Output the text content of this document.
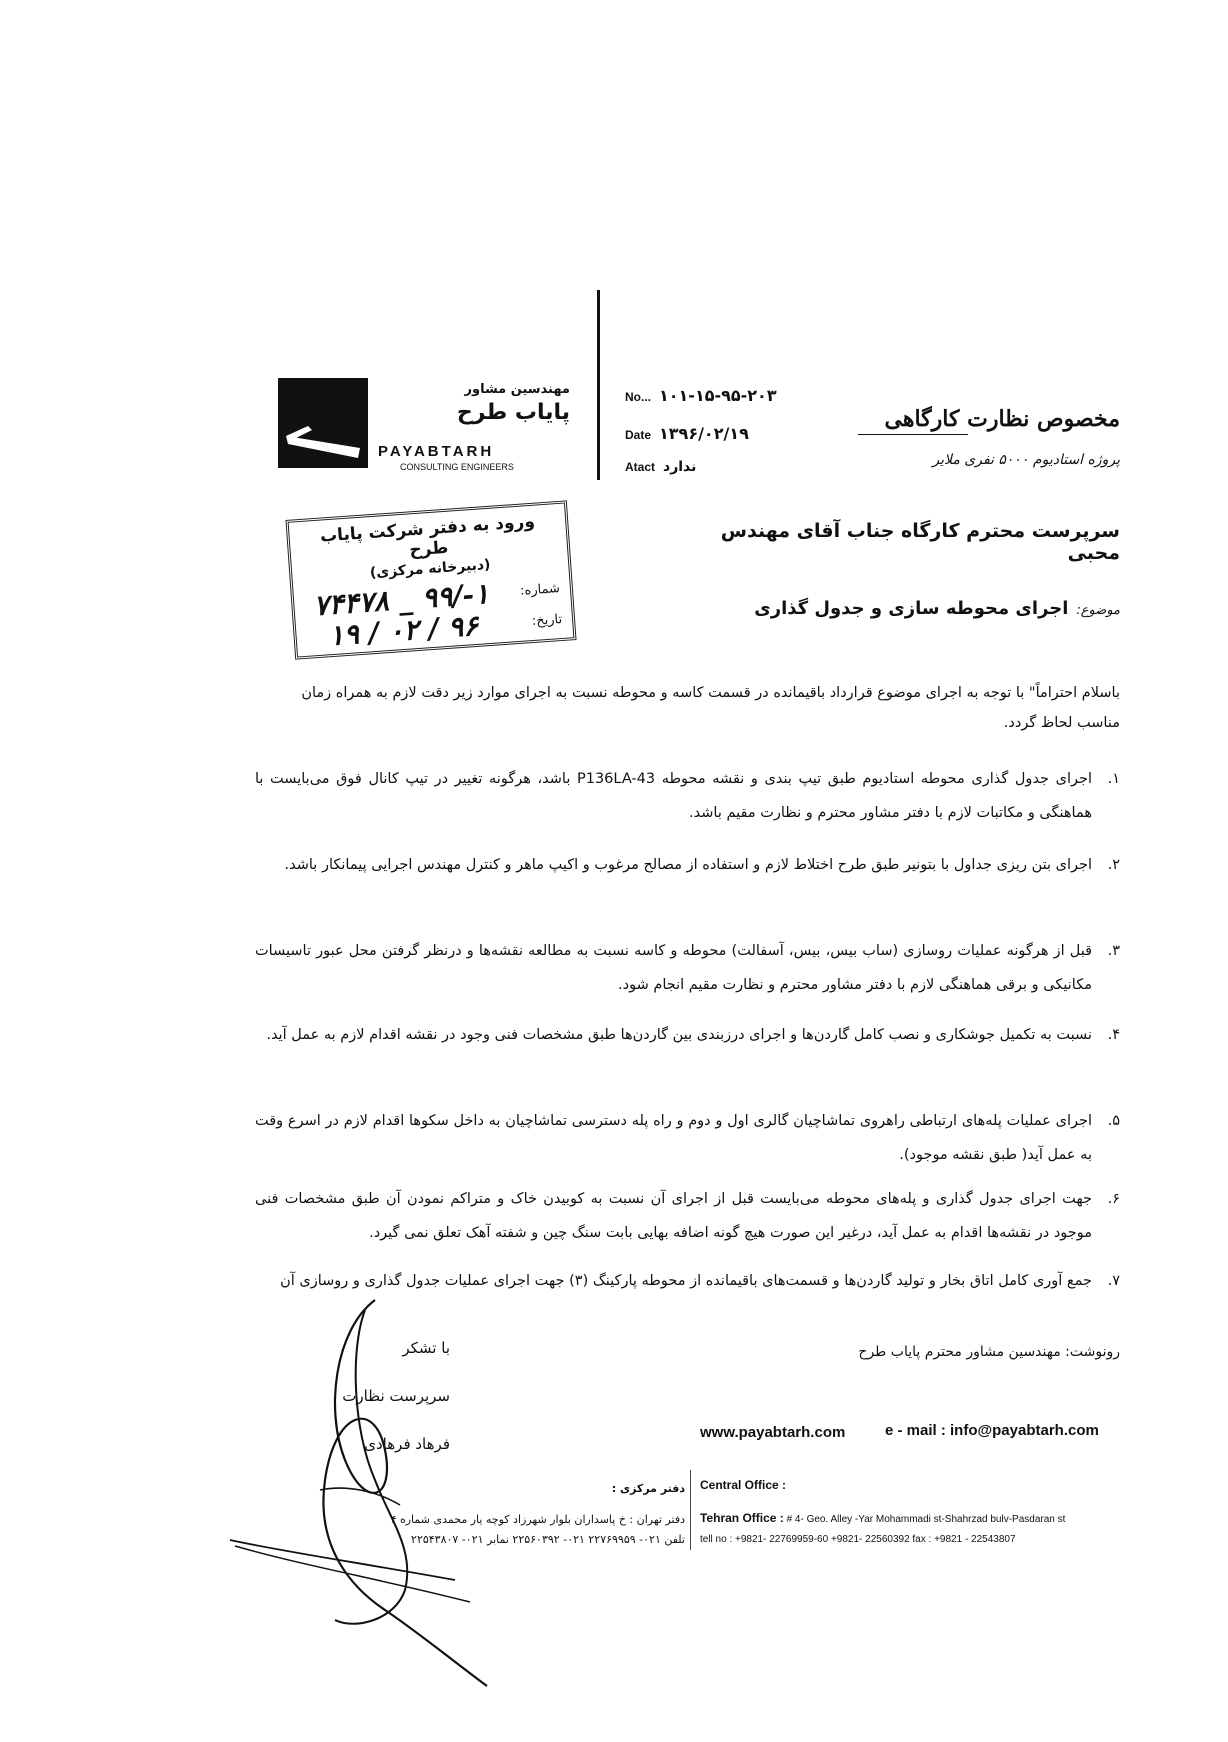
مهندسین مشاور
پایاب طرح
PAYABTARH
CONSULTING ENGINEERS
No... ۱۰۱-۱۵-۹۵-۲۰۳
Date ۱۳۹۶/۰۲/۱۹
Atact ندارد
مخصوص نظارت کارگاهی
پروژه استادیوم ۵۰۰۰ نفری ملایر
ورود به دفتر شرکت پایاب طرح
(دبیرخانه مرکزی)
شماره:
۱-/۹۹ _ ۷۴۴۷۸
تاریخ:
۹۶ / ۰۲ / ۱۹
سرپرست محترم کارگاه جناب آقای مهندس محبی
موضوع:اجرای محوطه سازی و جدول گذاری
باسلام احتراماً" با توجه به اجرای موضوع قرارداد باقیمانده در قسمت کاسه و محوطه نسبت به اجرای موارد زیر دقت لازم به همراه زمان مناسب لحاظ گردد.
۱.
اجرای جدول گذاری محوطه استادیوم طبق تیپ بندی و نقشه محوطه P136LA-43 باشد، هرگونه تغییر در تیپ کانال فوق می‌بایست با هماهنگی و مکاتبات لازم با دفتر مشاور محترم و نظارت مقیم باشد.
۲.
اجرای بتن ریزی جداول با بتونیر طبق طرح اختلاط لازم و استفاده از مصالح مرغوب و اکیپ ماهر و کنترل مهندس اجرایی پیمانکار باشد.
۳.
قبل از هرگونه عملیات روسازی (ساب بیس، بیس، آسفالت) محوطه و کاسه نسبت به مطالعه نقشه‌ها و درنظر گرفتن محل عبور تاسیسات مکانیکی و برقی هماهنگی لازم با دفتر مشاور محترم و نظارت مقیم انجام شود.
۴.
نسبت به تکمیل جوشکاری و نصب کامل گاردن‌ها و اجرای درزبندی بین گاردن‌ها طبق مشخصات فنی وجود در نقشه اقدام لازم به عمل آید.
۵.
اجرای عملیات پله‌های ارتباطی راهروی تماشاچیان گالری اول و دوم و راه پله دسترسی تماشاچیان به داخل سکوها اقدام لازم در اسرع وقت به عمل آید( طبق نقشه موجود).
۶.
جهت اجرای جدول گذاری و پله‌های محوطه می‌بایست قبل از اجرای آن نسبت به کوبیدن خاک و متراکم نمودن آن طبق مشخصات فنی موجود در نقشه‌ها اقدام به عمل آید، درغیر این صورت هیچ گونه اضافه بهایی بابت سنگ چین و شفته آهک تعلق نمی گیرد.
۷.
جمع آوری کامل اتاق بخار و تولید گاردن‌ها و قسمت‌های باقیمانده از محوطه پارکینگ (۳) جهت اجرای عملیات جدول گذاری و روسازی آن
رونوشت: مهندسین مشاور محترم پایاب طرح
با تشکر
سرپرست نظارت
فرهاد فرهادی
www.payabtarh.com	e - mail : info@payabtarh.com
دفتر مرکزی : Central Office :
دفتر تهران : خ پاسداران بلوار شهرزاد کوچه یار محمدی شماره ۴
تلفن ۰۲۱- ۲۲۷۶۹۹۵۹ ۰۲۱- ۲۲۵۶۰۳۹۲ نمابر ۰۲۱- ۲۲۵۴۳۸۰۷
Tehran Office : # 4- Geo. Alley -Yar Mohammadi st-Shahrzad bulv-Pasdaran st
tell no : +9821- 22769959-60 +9821- 22560392 fax : +9821 - 22543807
